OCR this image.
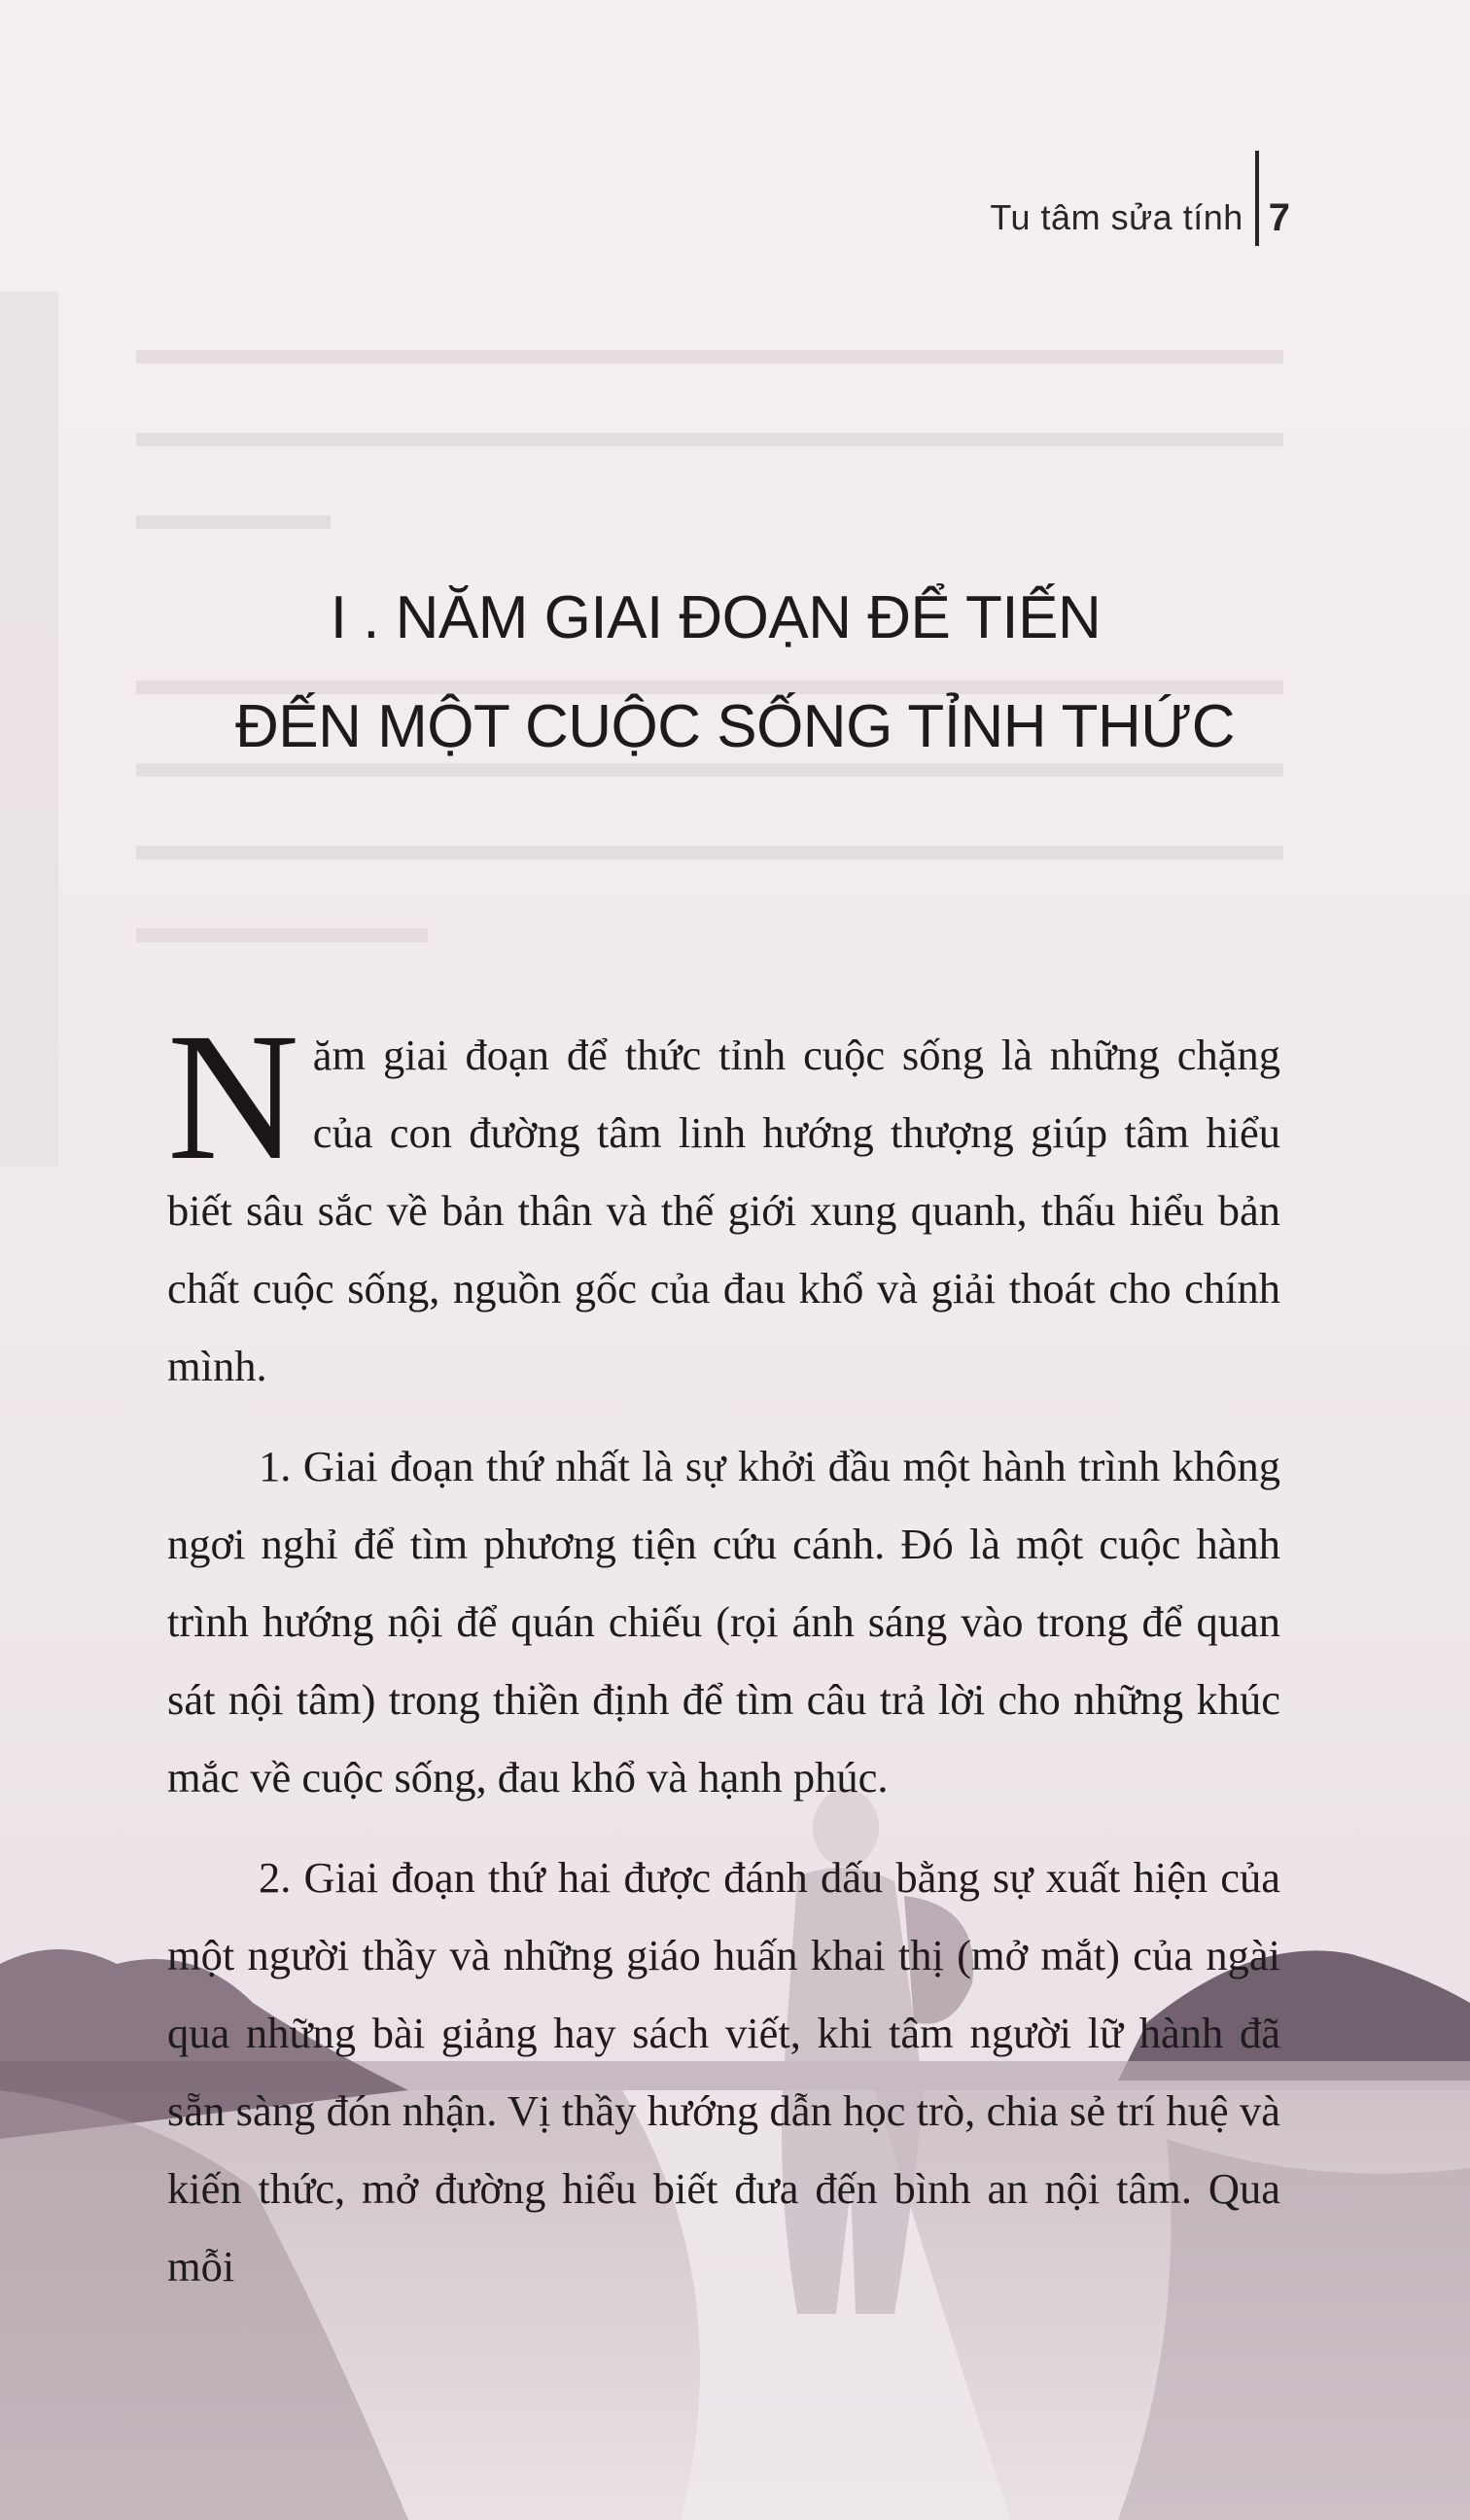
Tu tâm sửa tính 7
I . NĂM GIAI ĐOẠN ĐỂ TIẾN
ĐẾN MỘT CUỘC SỐNG TỈNH THỨC

Năm giai đoạn để thức tỉnh cuộc sống là những chặng của con đường tâm linh hướng thượng giúp tâm hiểu biết sâu sắc về bản thân và thế giới xung quanh, thấu hiểu bản chất cuộc sống, nguồn gốc của đau khổ và giải thoát cho chính mình.

1. Giai đoạn thứ nhất là sự khởi đầu một hành trình không ngơi nghỉ để tìm phương tiện cứu cánh. Đó là một cuộc hành trình hướng nội để quán chiếu (rọi ánh sáng vào trong để quan sát nội tâm) trong thiền định để tìm câu trả lời cho những khúc mắc về cuộc sống, đau khổ và hạnh phúc.

2. Giai đoạn thứ hai được đánh dấu bằng sự xuất hiện của một người thầy và những giáo huấn khai thị (mở mắt) của ngài qua những bài giảng hay sách viết, khi tâm người lữ hành đã sẵn sàng đón nhận. Vị thầy hướng dẫn học trò, chia sẻ trí huệ và kiến thức, mở đường hiểu biết đưa đến bình an nội tâm. Qua mỗi
